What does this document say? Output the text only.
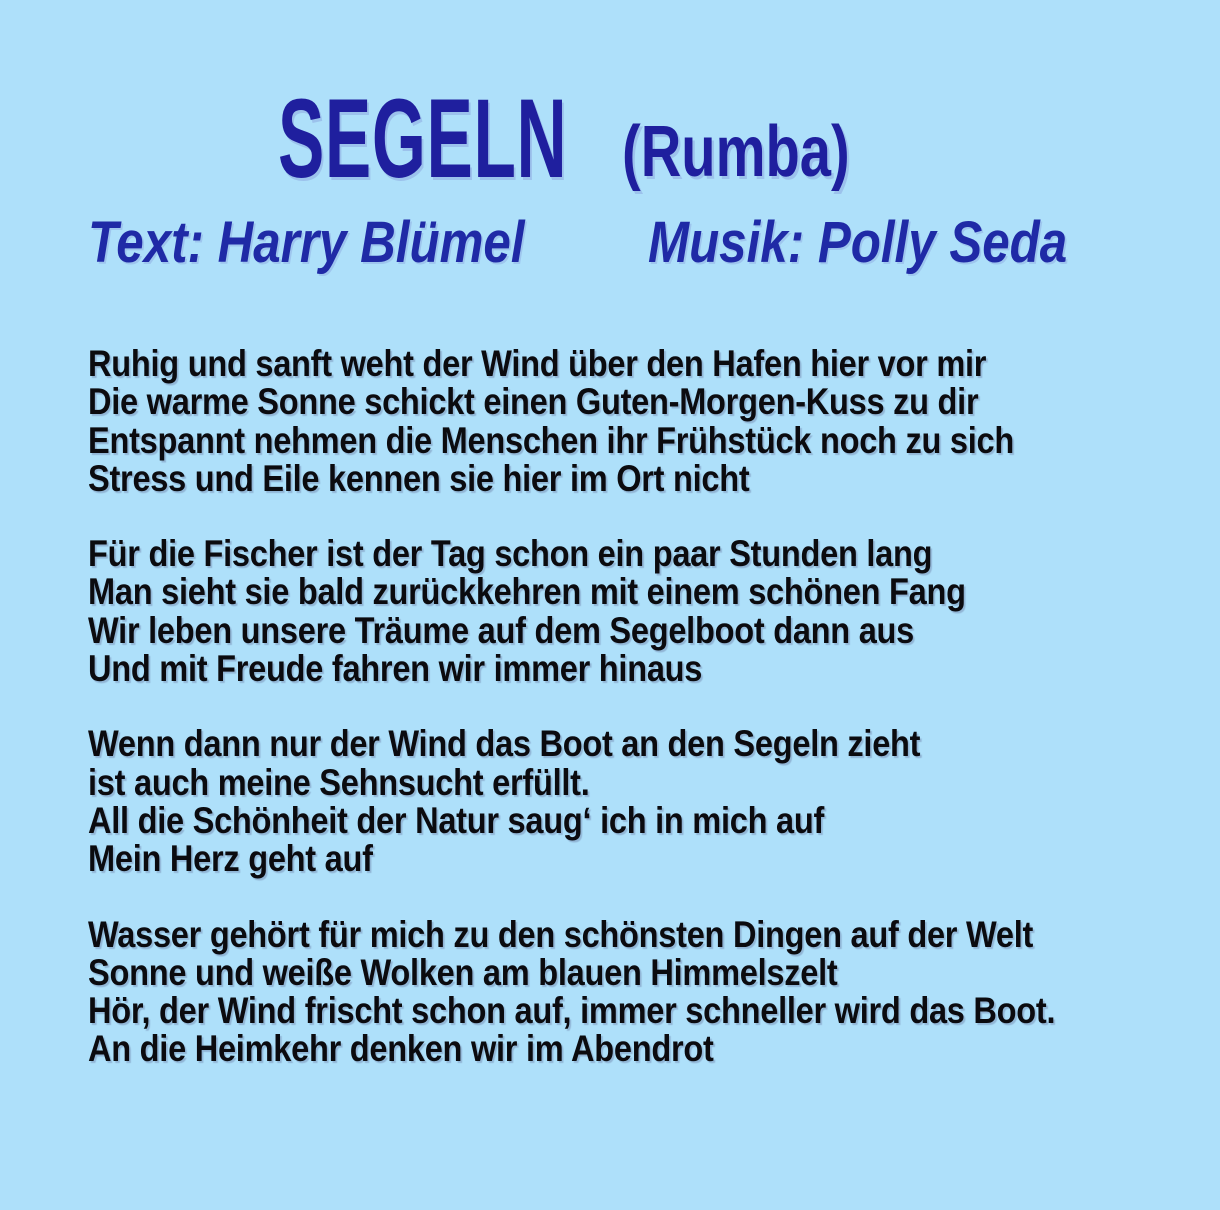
SEGELN (Rumba)
Text: Harry Blümel Musik: Polly Seda
Ruhig und sanft weht der Wind über den Hafen hier vor mir
Die warme Sonne schickt einen Guten-Morgen-Kuss zu dir
Entspannt nehmen die Menschen ihr Frühstück noch zu sich
Stress und Eile kennen sie hier im Ort nicht
Für die Fischer ist der Tag schon ein paar Stunden lang
Man sieht sie bald zurückkehren mit einem schönen Fang
Wir leben unsere Träume auf dem Segelboot dann aus
Und mit Freude fahren wir immer hinaus
Wenn dann nur der Wind das Boot an den Segeln zieht
ist auch meine Sehnsucht erfüllt.
All die Schönheit der Natur saug‘ ich in mich auf
Mein Herz geht auf
Wasser gehört für mich zu den schönsten Dingen auf der Welt
Sonne und weiße Wolken am blauen Himmelszelt
Hör, der Wind frischt schon auf, immer schneller wird das Boot.
An die Heimkehr denken wir im Abendrot
